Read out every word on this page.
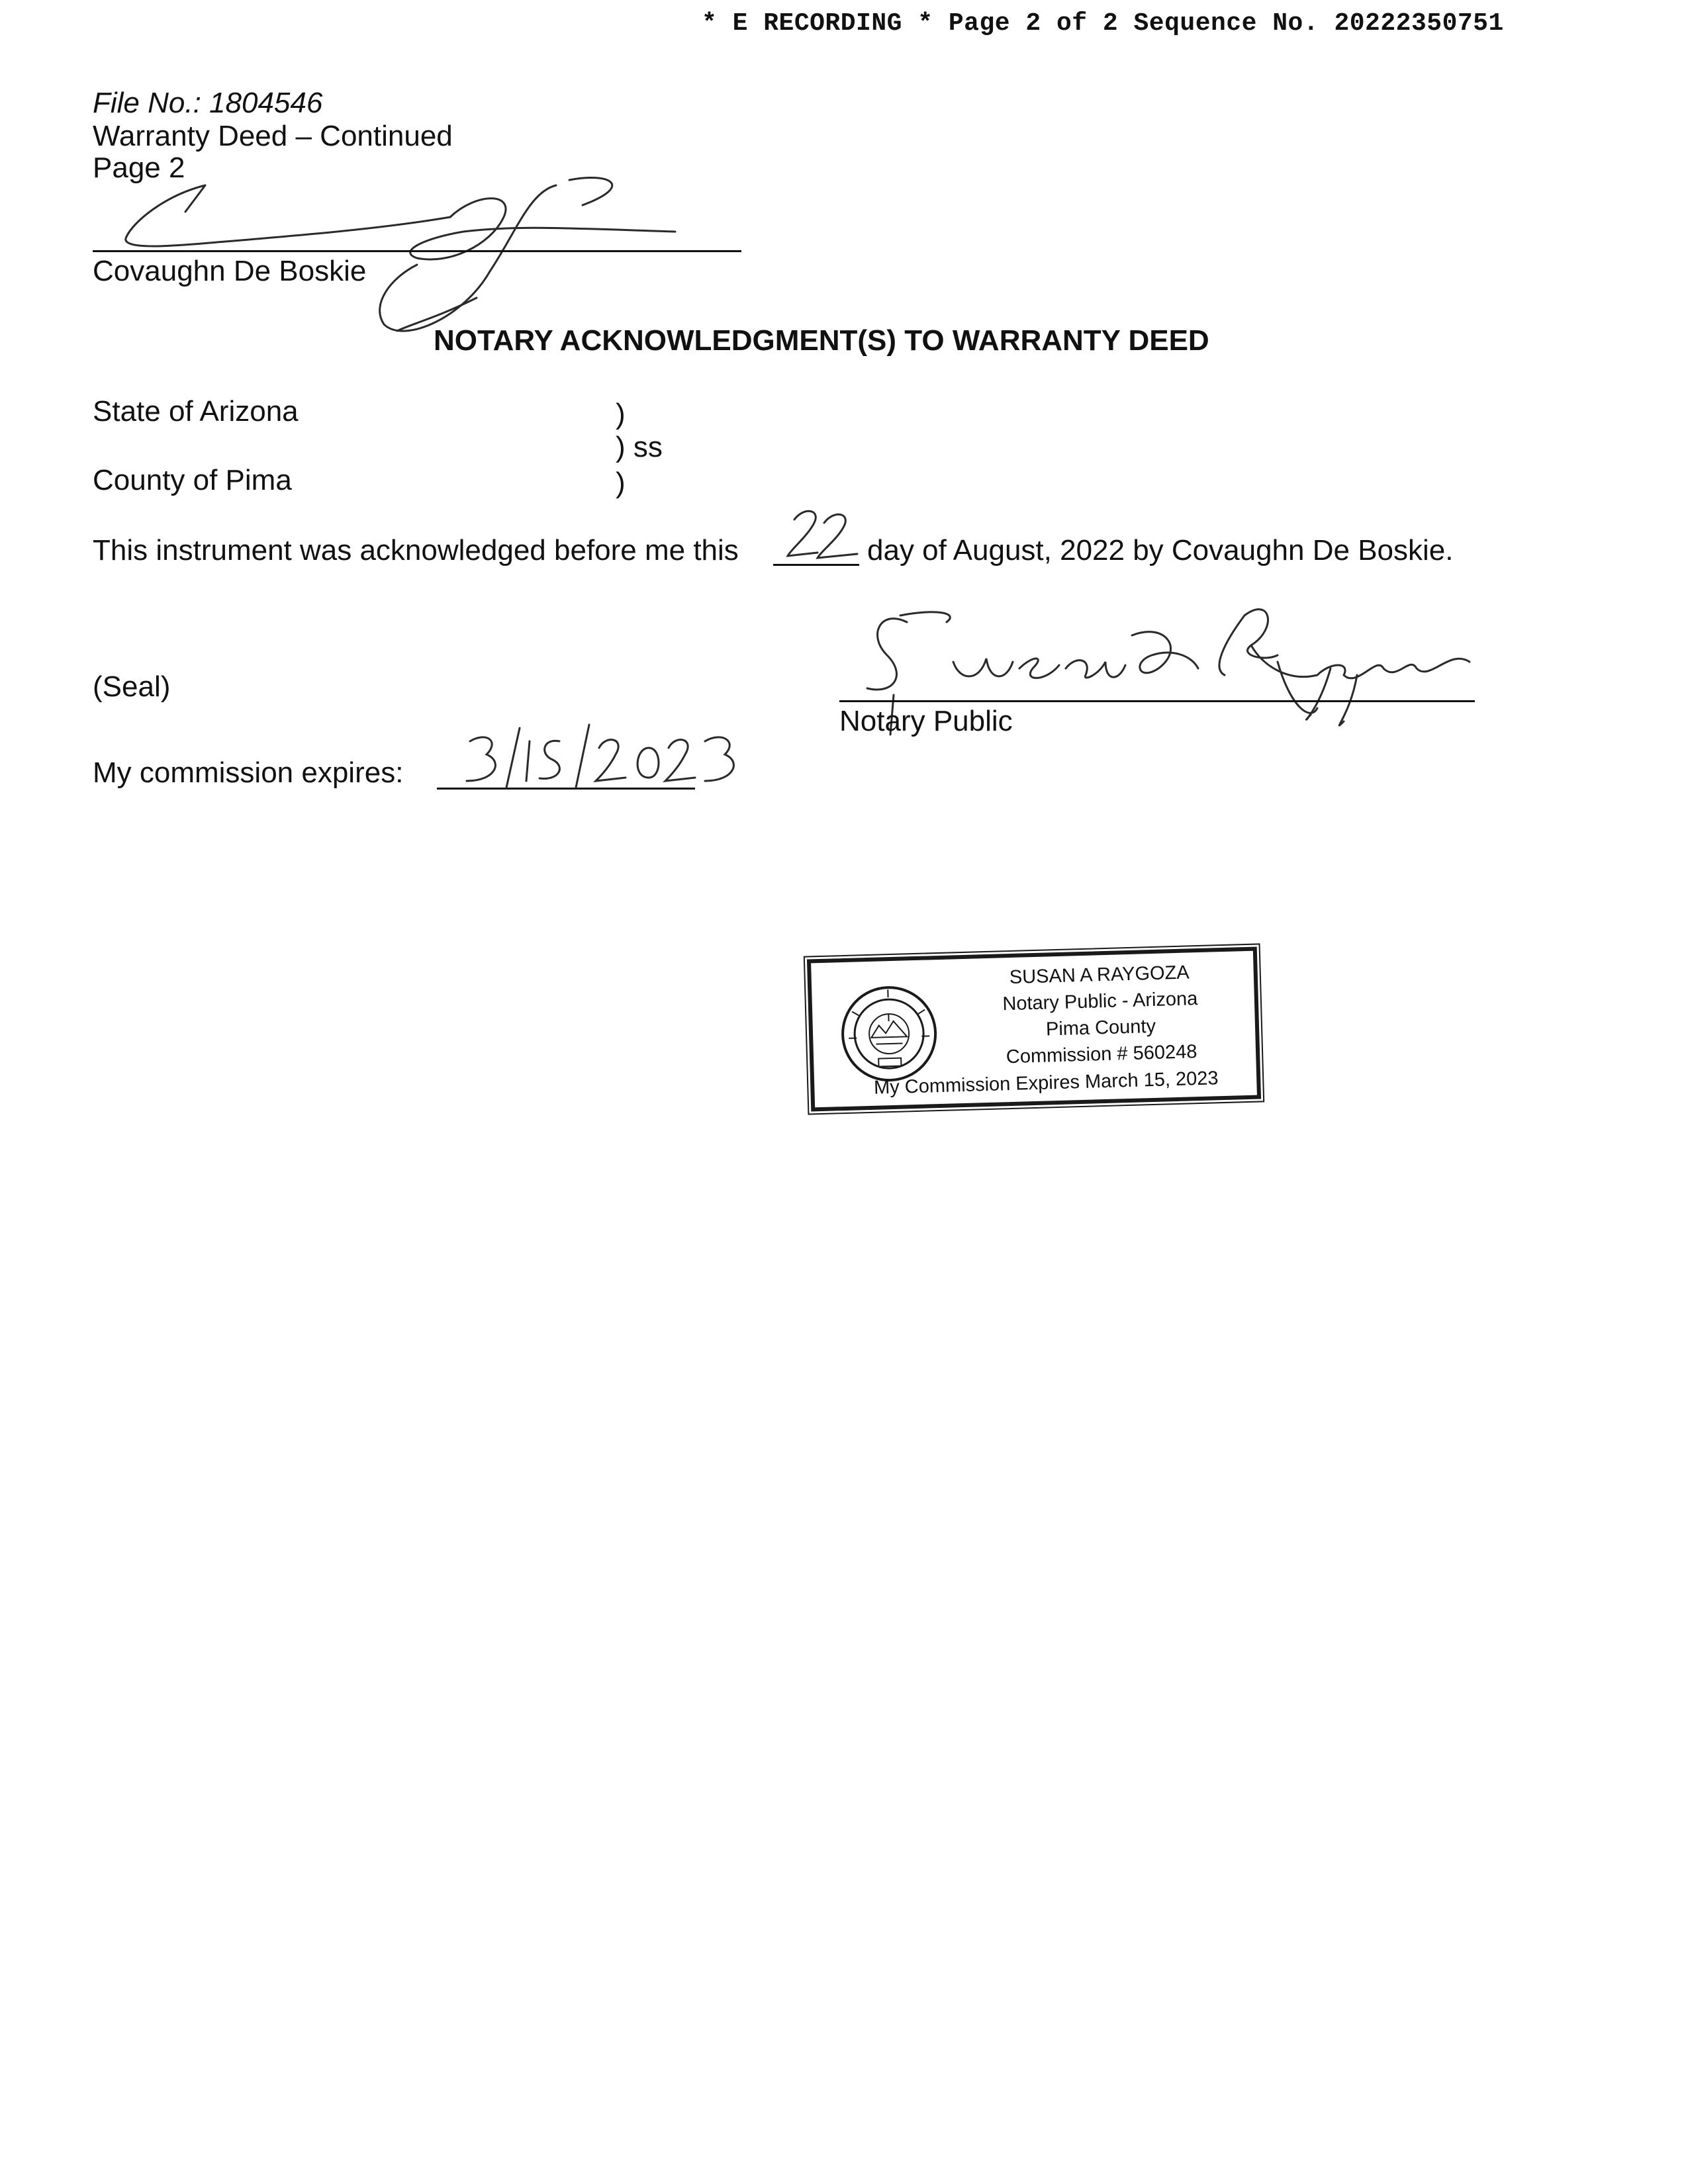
* E RECORDING * Page 2 of 2 Sequence No. 20222350751
File No.: 1804546
Warranty Deed – Continued
Page 2
Covaughn De Boskie
NOTARY ACKNOWLEDGMENT(S) TO WARRANTY DEED
State of Arizona	)
) ss
)
County of Pima
This instrument was acknowledged before me this	day of August, 2022 by Covaughn De Boskie.
(Seal)
Notary Public
My commission expires:
SUSAN A RAYGOZA
Notary Public - Arizona
Pima County
Commission # 560248
My Commission Expires March 15, 2023
